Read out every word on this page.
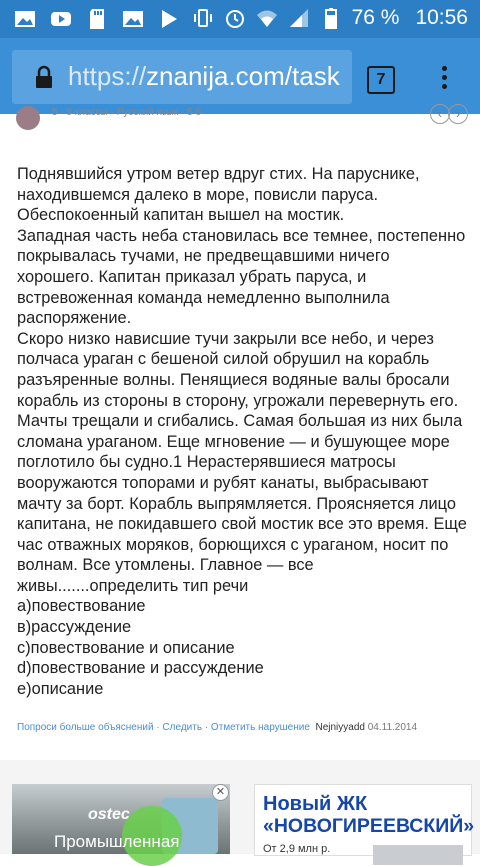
76 % 10:56
https://znanija.com/task	7
5 - 9 классы · Русский язык · 5 б	‹	›

Поднявшийся утром ветер вдруг стих. На паруснике, находившемся далеко в море, повисли паруса. Обеспокоенный капитан вышел на мостик.

Западная часть неба становилась все темнее, постепенно покрывалась тучами, не предвещавшими ничего хорошего. Капитан приказал убрать паруса, и встревоженная команда немедленно выполнила распоряжение.

Скоро низко нависшие тучи закрыли все небо, и через полчаса ураган с бешеной силой обрушил на корабль разъяренные волны. Пенящиеся водяные валы бросали корабль из стороны в сторону, угрожали перевернуть его. Мачты трещали и сгибались. Самая большая из них была сломана ураганом. Еще мгновение — и бушующее море поглотило бы судно.1 Нерастерявшиеся матросы вооружаются топорами и рубят канаты, выбрасывают мачту за борт. Корабль выпрямляется. Проясняется лицо капитана, не покидавшего свой мостик все это время. Еще час отважных моряков, борющихся с ураганом, носит по волнам. Все утомлены. Главное — все живы.......определить тип речи

а)повествование

в)рассуждение

с)повествование и описание

d)повествование и рассуждение

е)описание

Попроси больше объяснений · Следить · Отметить нарушение Nejniyyadd 04.11.2014
ostec
Промышленная
✕
Новый ЖК
«НОВОГИРЕЕВСКИЙ»
От 2,9 млн р.
